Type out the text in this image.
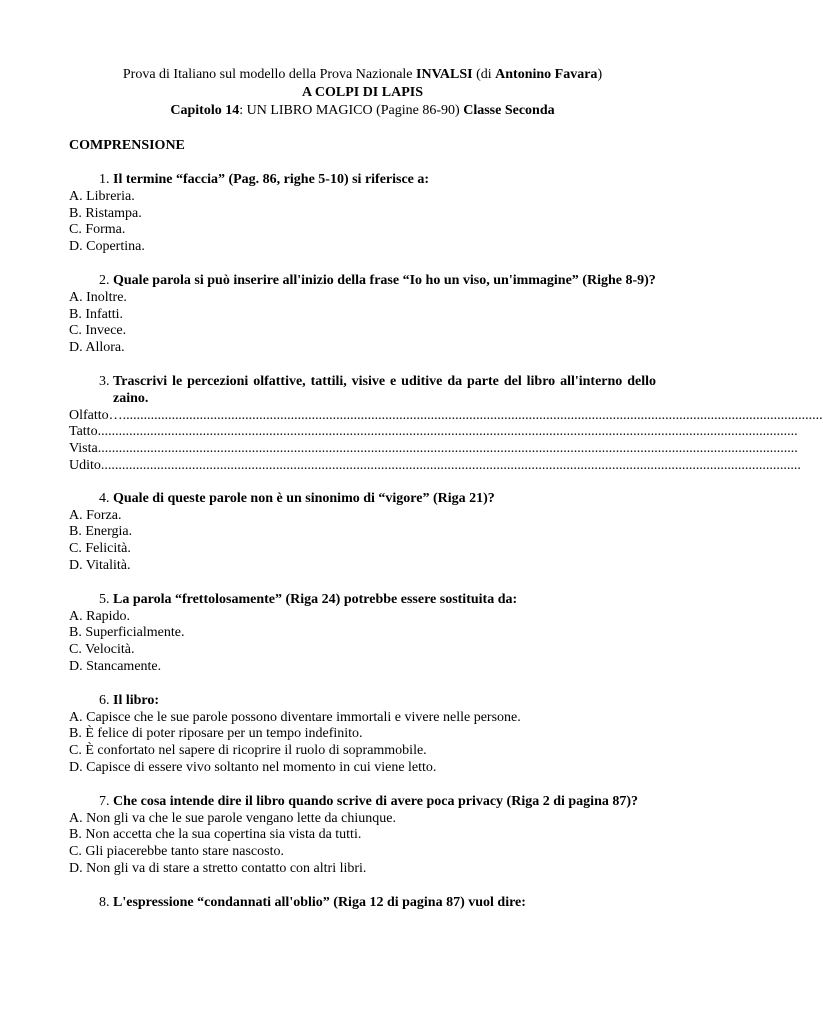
Prova di Italiano sul modello della Prova Nazionale INVALSI (di Antonino Favara)
A COLPI DI LAPIS
Capitolo 14: UN LIBRO MAGICO (Pagine 86-90) Classe Seconda
COMPRENSIONE
1. Il termine “faccia” (Pag. 86, righe 5-10) si riferisce a:
A. Libreria.
B. Ristampa.
C. Forma.
D. Copertina.
2. Quale parola si può inserire all'inizio della frase “Io ho un viso, un'immagine” (Righe 8-9)?
A. Inoltre.
B. Infatti.
C. Invece.
D. Allora.
3. Trascrivi le percezioni olfattive, tattili, visive e uditive da parte del libro all'interno dello zaino.
Olfatto… ........................................................................................................................................................................................................
Tatto ........................................................................................................................................................................................................
Vista ........................................................................................................................................................................................................
Udito ........................................................................................................................................................................................................
4. Quale di queste parole non è un sinonimo di “vigore” (Riga 21)?
A. Forza.
B. Energia.
C. Felicità.
D. Vitalità.
5. La parola “frettolosamente” (Riga 24) potrebbe essere sostituita da:
A. Rapido.
B. Superficialmente.
C. Velocità.
D. Stancamente.
6. Il libro:
A. Capisce che le sue parole possono diventare immortali e vivere nelle persone.
B. È felice di poter riposare per un tempo indefinito.
C. È confortato nel sapere di ricoprire il ruolo di soprammobile.
D. Capisce di essere vivo soltanto nel momento in cui viene letto.
7. Che cosa intende dire il libro quando scrive di avere poca privacy (Riga 2 di pagina 87)?
A. Non gli va che le sue parole vengano lette da chiunque.
B. Non accetta che la sua copertina sia vista da tutti.
C. Gli piacerebbe tanto stare nascosto.
D. Non gli va di stare a stretto contatto con altri libri.
8. L'espressione “condannati all'oblio” (Riga 12 di pagina 87) vuol dire:
